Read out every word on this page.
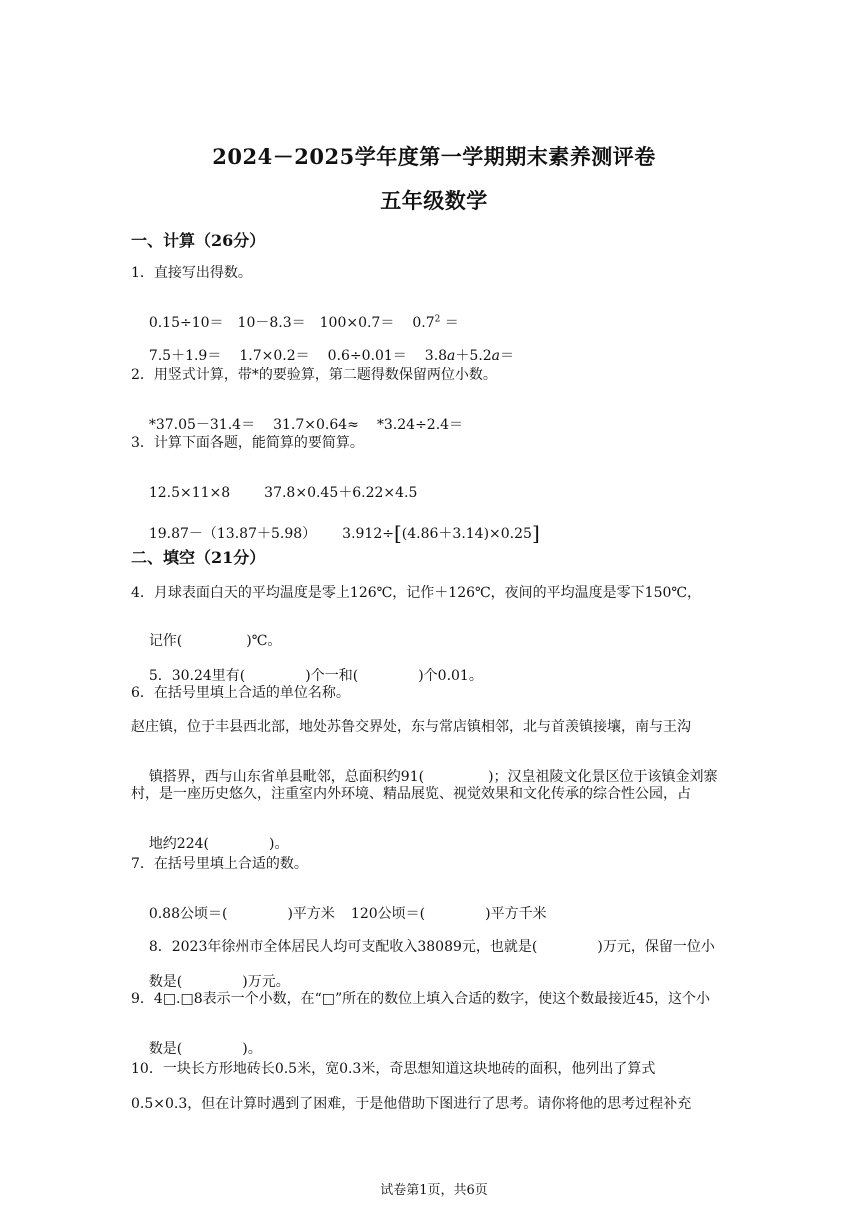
2024－2025学年度第一学期期末素养测评卷
五年级数学
一、计算（26分）
1．直接写出得数。

$0.15\div 10= 10-8.3= 100\times 0.7= 0.7^2$ ＝

7.5＋1.9＝ 1.7×0.2＝ 0.6÷0.01＝ 3.8a＋5.2a＝

2．用竖式计算，带*的要验算，第二题得数保留两位小数。

*37.05－31.4＝ 31.7×0.64≈ *3.24÷2.4＝

3．计算下面各题，能简算的要简算。

12.5×11×8 37.8×0.45＋6.22×4.5

19.87－（13.87＋5.98） 3.912÷[(4.86＋3.14)×0.25]

二、填空（21分）
4．月球表面白天的平均温度是零上126℃，记作＋126℃，夜间的平均温度是零下150℃，

记作(	)℃。

5．30.24里有(	)个一和(	)个0.01。

6．在括号里填上合适的单位名称。
赵庄镇，位于丰县西北部，地处苏鲁交界处，东与常店镇相邻，北与首羡镇接壤，南与王沟

镇搭界，西与山东省单县毗邻，总面积约91(	)；汉皇祖陵文化景区位于该镇金刘寨

村，是一座历史悠久，注重室内外环境、精品展览、视觉效果和文化传承的综合性公园，占

地约224(	)。

7．在括号里填上合适的数。

0.88公顷＝(	)平方米 120公顷＝(	)平方千米

8．2023年徐州市全体居民人均可支配收入38089元，也就是(	)万元，保留一位小

数是(	)万元。

9．4□.□8表示一个小数，在“□”所在的数位上填入合适的数字，使这个数最接近45，这个小

数是(	)。

10．一块长方形地砖长0.5米，宽0.3米，奇思想知道这块地砖的面积，他列出了算式
0.5×0.3，但在计算时遇到了困难，于是他借助下图进行了思考。请你将他的思考过程补充
试卷第1页，共6页
